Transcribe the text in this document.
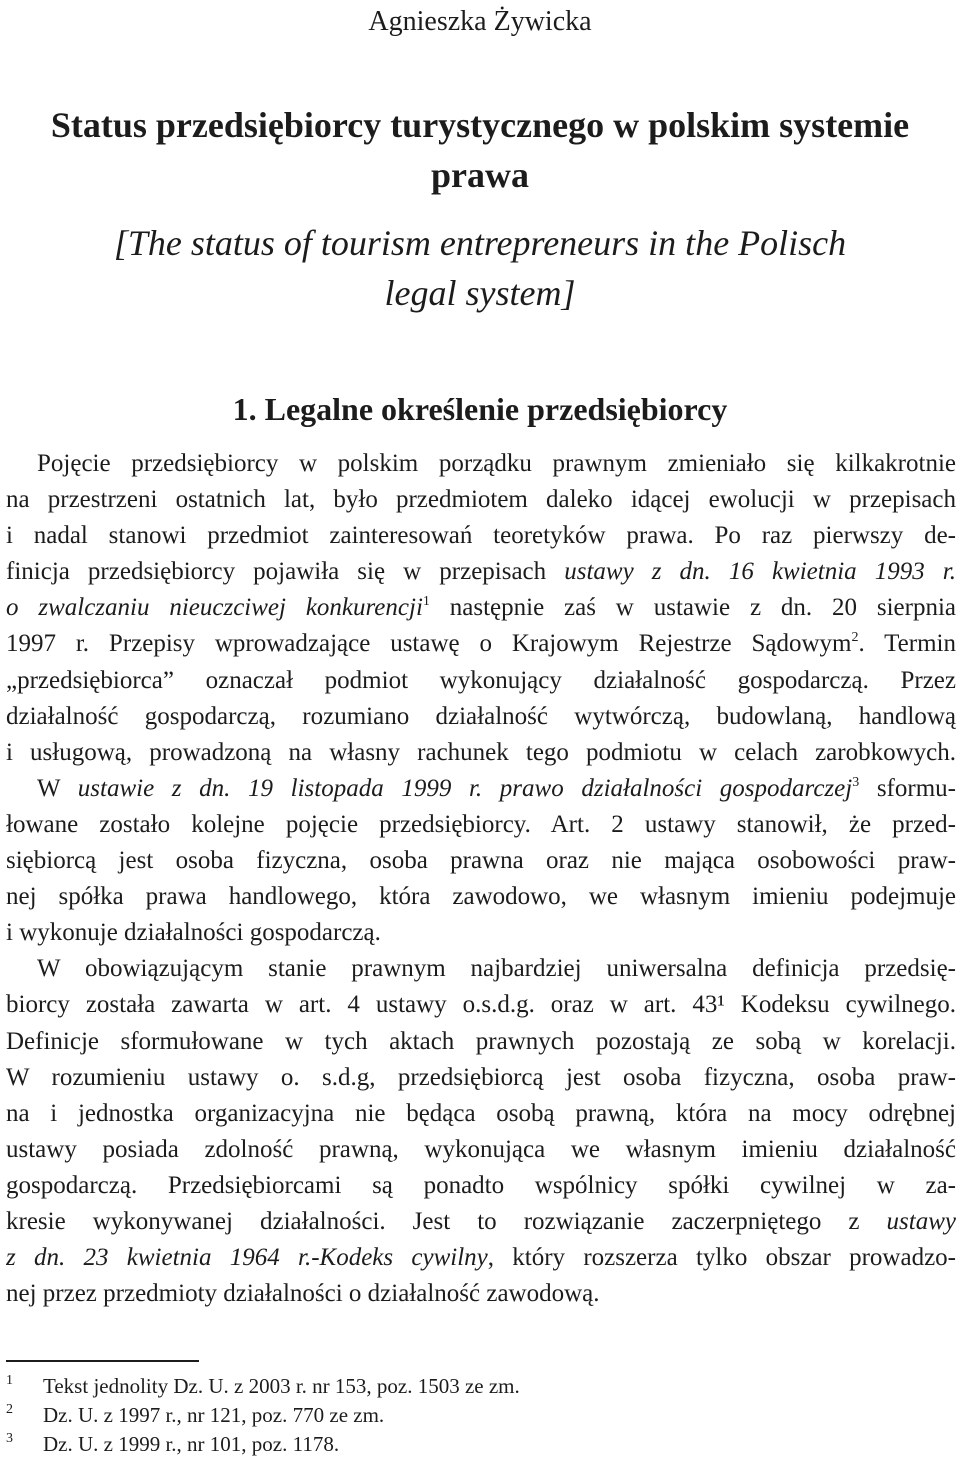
Agnieszka Żywicka
Status przedsiębiorcy turystycznego w polskim systemie
prawa
[The status of tourism entrepreneurs in the Polisch
legal system]
1. Legalne określenie przedsiębiorcy
Pojęcie przedsiębiorcy w polskim porządku prawnym zmieniało się kilkakrotnie
na przestrzeni ostatnich lat, było przedmiotem daleko idącej ewolucji w przepisach
i nadal stanowi przedmiot zainteresowań teoretyków prawa. Po raz pierwszy de-
finicja przedsiębiorcy pojawiła się w przepisach ustawy z dn. 16 kwietnia 1993 r.
o zwalczaniu nieuczciwej konkurencji$^1$ następnie zaś w ustawie z dn. 20 sierpnia
1997 r. Przepisy wprowadzające ustawę o Krajowym Rejestrze Sądowym$^2$. Termin
„przedsiębiorca” oznaczał podmiot wykonujący działalność gospodarczą. Przez
działalność gospodarczą, rozumiano działalność wytwórczą, budowlaną, handlową
i usługową, prowadzoną na własny rachunek tego podmiotu w celach zarobkowych.
W ustawie z dn. 19 listopada 1999 r. prawo działalności gospodarczej$^3$ sformu-
łowane zostało kolejne pojęcie przedsiębiorcy. Art. 2 ustawy stanowił, że przed-
siębiorcą jest osoba fizyczna, osoba prawna oraz nie mająca osobowości praw-
nej spółka prawa handlowego, która zawodowo, we własnym imieniu podejmuje
i wykonuje działalności gospodarczą.
W obowiązującym stanie prawnym najbardziej uniwersalna definicja przedsię-
biorcy została zawarta w art. 4 ustawy o.s.d.g. oraz w art. 43¹ Kodeksu cywilnego.
Definicje sformułowane w tych aktach prawnych pozostają ze sobą w korelacji.
W rozumieniu ustawy o. s.d.g, przedsiębiorcą jest osoba fizyczna, osoba praw-
na i jednostka organizacyjna nie będąca osobą prawną, która na mocy odrębnej
ustawy posiada zdolność prawną, wykonująca we własnym imieniu działalność
gospodarczą. Przedsiębiorcami są ponadto wspólnicy spółki cywilnej w za-
kresie wykonywanej działalności. Jest to rozwiązanie zaczerpniętego z ustawy
z dn. 23 kwietnia 1964 r.-Kodeks cywilny, który rozszerza tylko obszar prowadzo-
nej przez przedmioty działalności o działalność zawodową.
1 Tekst jednolity Dz. U. z 2003 r. nr 153, poz. 1503 ze zm.
2 Dz. U. z 1997 r., nr 121, poz. 770 ze zm.
3 Dz. U. z 1999 r., nr 101, poz. 1178.
